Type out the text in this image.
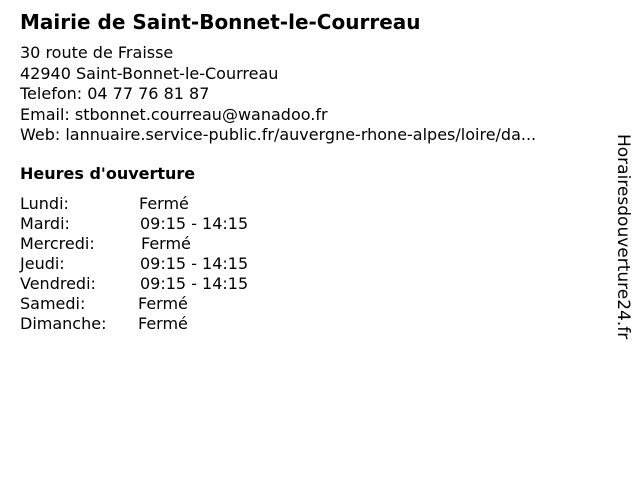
Mairie de Saint-Bonnet-le-Courreau
30 route de Fraisse
42940 Saint-Bonnet-le-Courreau
Telefon: 04 77 76 81 87
Email: stbonnet.courreau@wanadoo.fr
Web: lannuaire.service-public.fr/auvergne-rhone-alpes/loire/da...
Heures d'ouverture
Lundi:	Fermé
Mardi:	09:15 - 14:15
Mercredi:	Fermé
Jeudi:	09:15 - 14:15
Vendredi:	09:15 - 14:15
Samedi:	Fermé
Dimanche:	Fermé	Horairesdouverture24.fr
